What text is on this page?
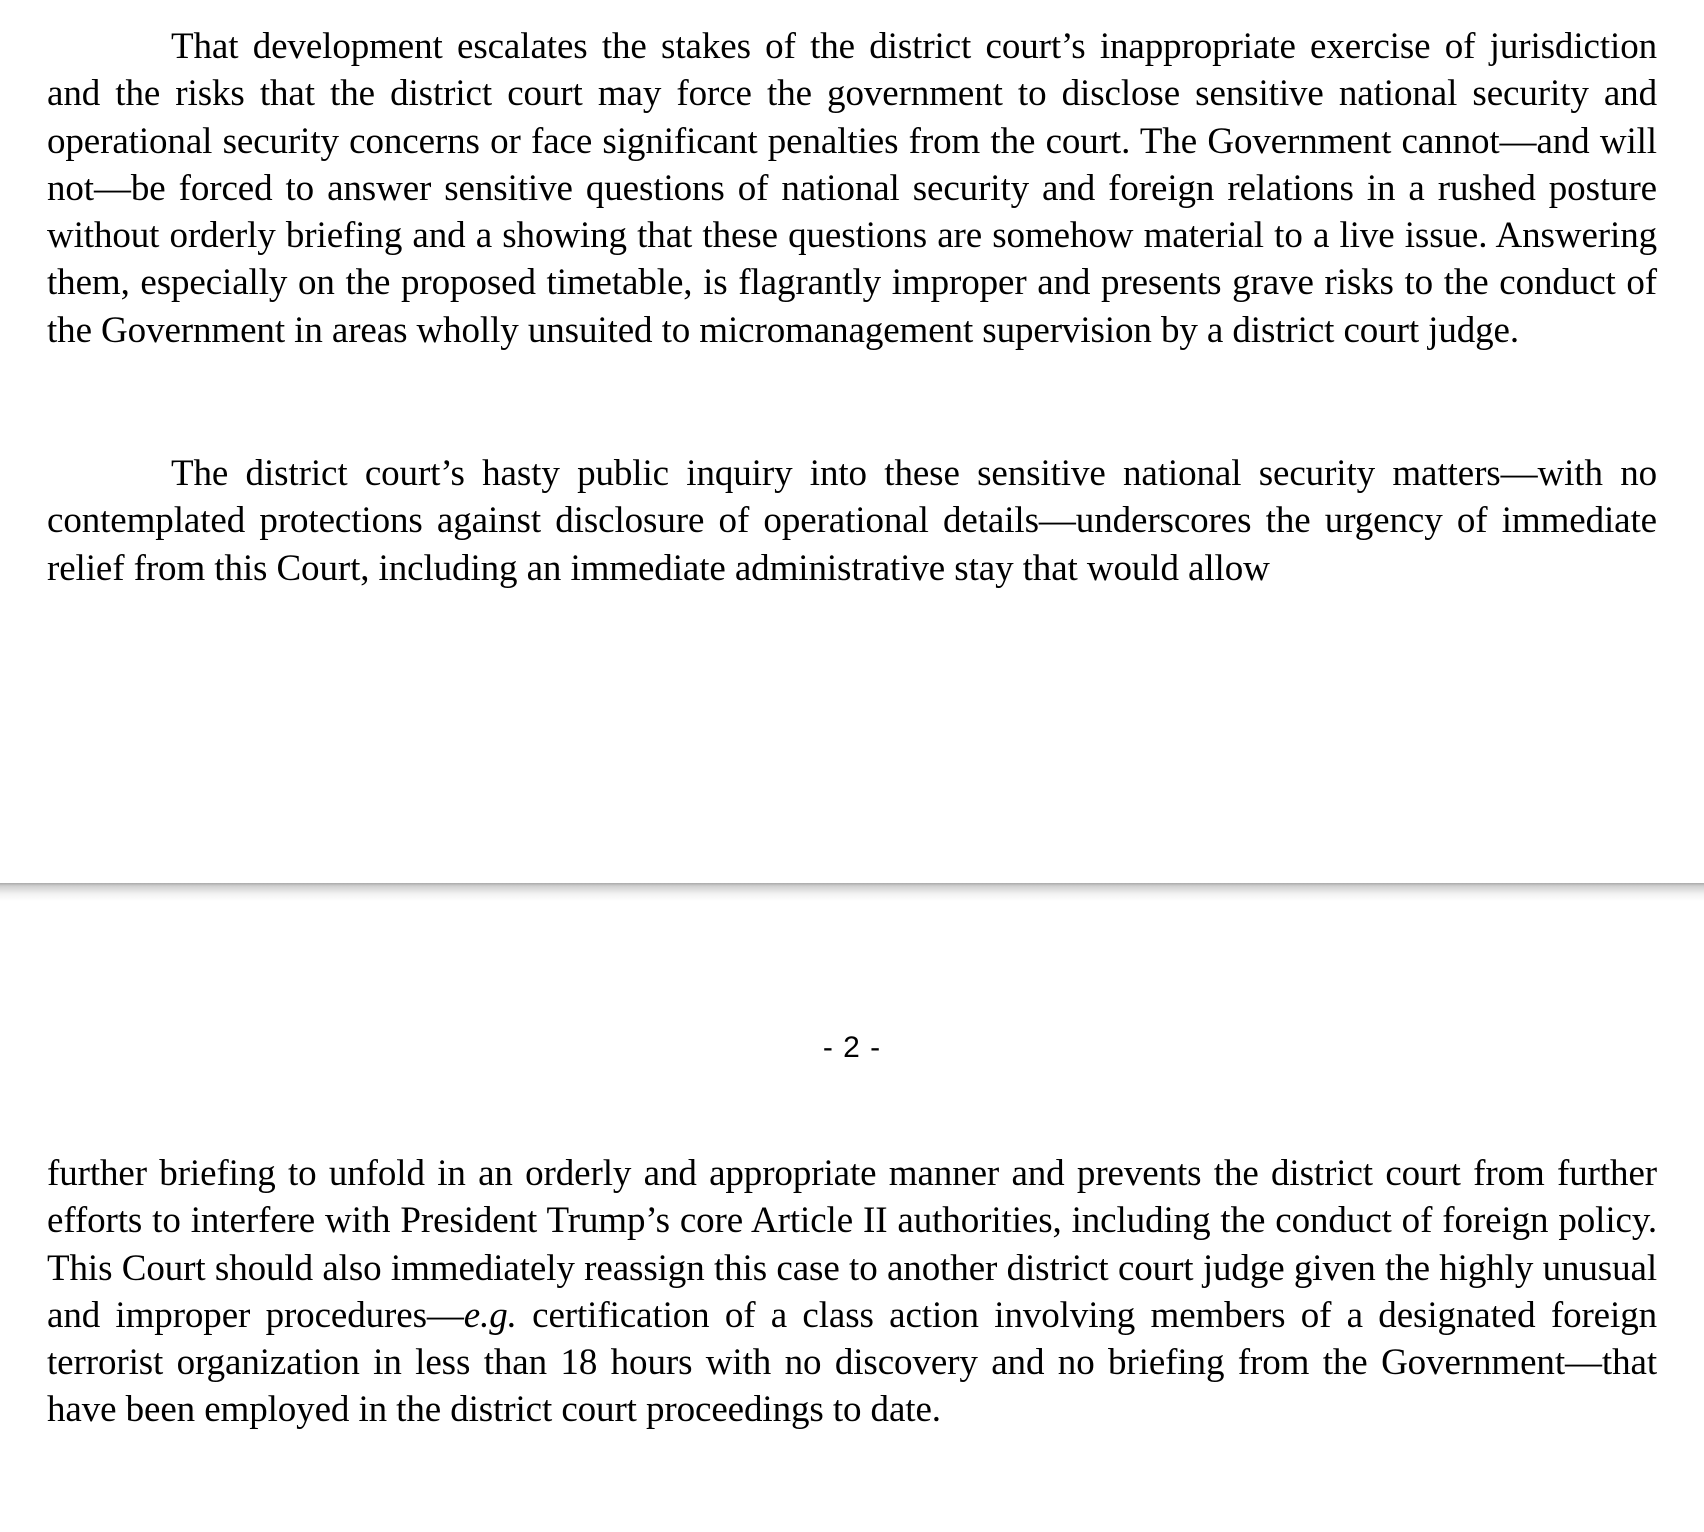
That development escalates the stakes of the district court’s inappropriate exercise of jurisdiction and the risks that the district court may force the government to disclose sensitive national security and operational security concerns or face significant penalties from the court. The Government cannot—and will not—be forced to answer sensitive questions of national security and foreign relations in a rushed posture without orderly briefing and a showing that these questions are somehow material to a live issue. Answering them, especially on the proposed timetable, is flagrantly improper and presents grave risks to the conduct of the Government in areas wholly unsuited to micromanagement supervision by a district court judge.

The district court’s hasty public inquiry into these sensitive national security matters—with no contemplated protections against disclosure of operational details—underscores the urgency of immediate relief from this Court, including an immediate administrative stay that would allow

- 2 -

further briefing to unfold in an orderly and appropriate manner and prevents the district court from further efforts to interfere with President Trump’s core Article II authorities, including the conduct of foreign policy. This Court should also immediately reassign this case to another district court judge given the highly unusual and improper procedures—e.g. certification of a class action involving members of a designated foreign terrorist organization in less than 18 hours with no discovery and no briefing from the Government—that have been employed in the district court proceedings to date.
